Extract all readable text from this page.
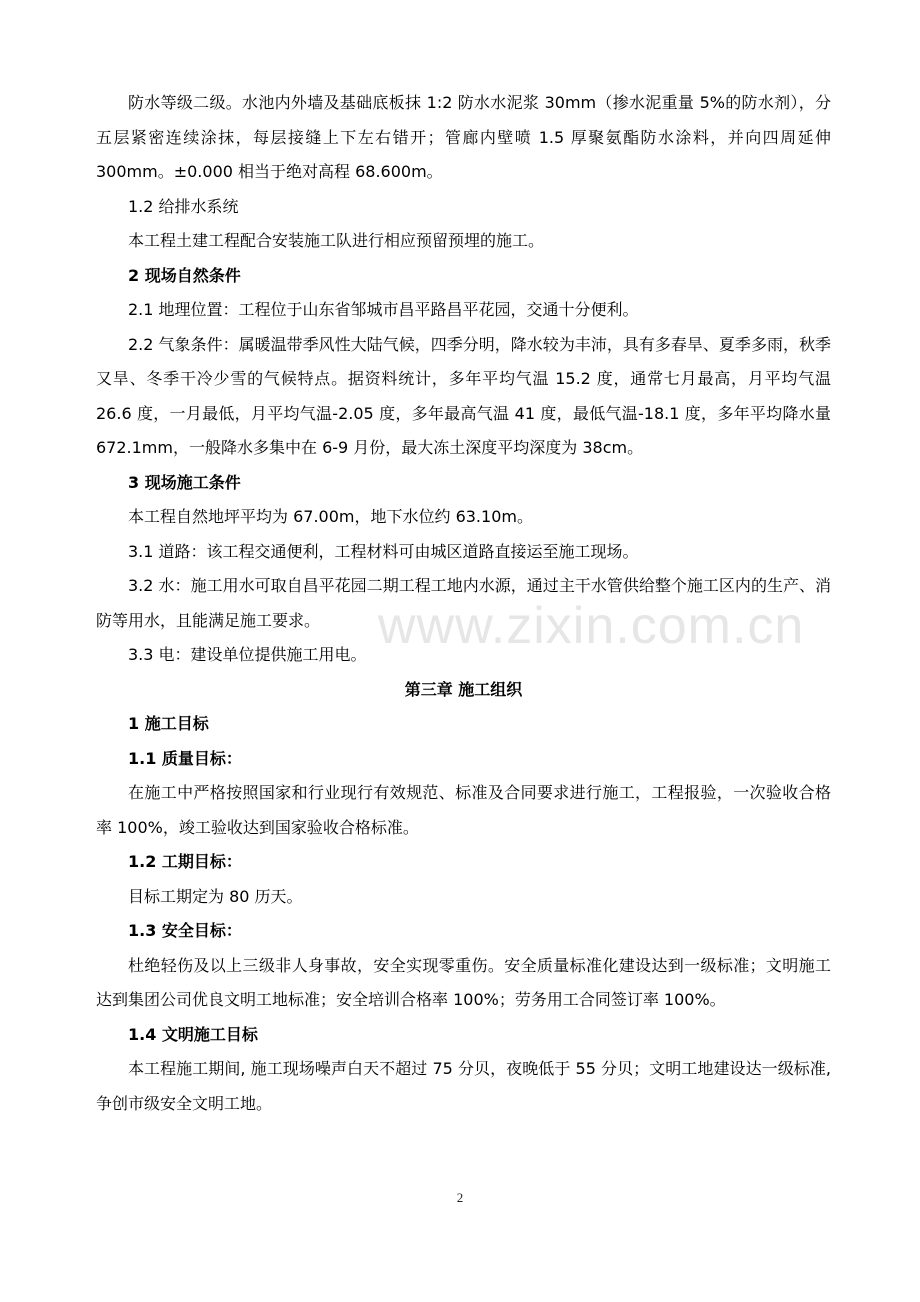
防水等级二级。水池内外墙及基础底板抹 1:2 防水水泥浆 30mm（掺水泥重量 5%的防水剂），分五层紧密连续涂抹，每层接缝上下左右错开；管廊内壁喷 1.5 厚聚氨酯防水涂料，并向四周延伸 300mm。±0.000 相当于绝对高程 68.600m。

1.2 给排水系统

本工程土建工程配合安装施工队进行相应预留预埋的施工。

2 现场自然条件

2.1 地理位置：工程位于山东省邹城市昌平路昌平花园，交通十分便利。

2.2 气象条件：属暖温带季风性大陆气候，四季分明，降水较为丰沛，具有多春旱、夏季多雨，秋季又旱、冬季干冷少雪的气候特点。据资料统计，多年平均气温 15.2 度，通常七月最高，月平均气温 26.6 度，一月最低，月平均气温-2.05 度，多年最高气温 41 度，最低气温-18.1 度，多年平均降水量 672.1mm，一般降水多集中在 6-9 月份，最大冻土深度平均深度为 38cm。

3 现场施工条件

本工程自然地坪平均为 67.00m，地下水位约 63.10m。

3.1 道路：该工程交通便利，工程材料可由城区道路直接运至施工现场。

3.2 水：施工用水可取自昌平花园二期工程工地内水源，通过主干水管供给整个施工区内的生产、消防等用水，且能满足施工要求。

3.3 电：建设单位提供施工用电。

第三章 施工组织

1 施工目标

1.1 质量目标：

在施工中严格按照国家和行业现行有效规范、标准及合同要求进行施工，工程报验，一次验收合格率 100%，竣工验收达到国家验收合格标准。

1.2 工期目标：

目标工期定为 80 历天。

1.3 安全目标：

杜绝轻伤及以上三级非人身事故，安全实现零重伤。安全质量标准化建设达到一级标准；文明施工达到集团公司优良文明工地标准；安全培训合格率 100%；劳务用工合同签订率 100%。

1.4 文明施工目标

本工程施工期间, 施工现场噪声白天不超过 75 分贝，夜晚低于 55 分贝；文明工地建设达一级标准,争创市级安全文明工地。

www.zixin.com.cn
2
